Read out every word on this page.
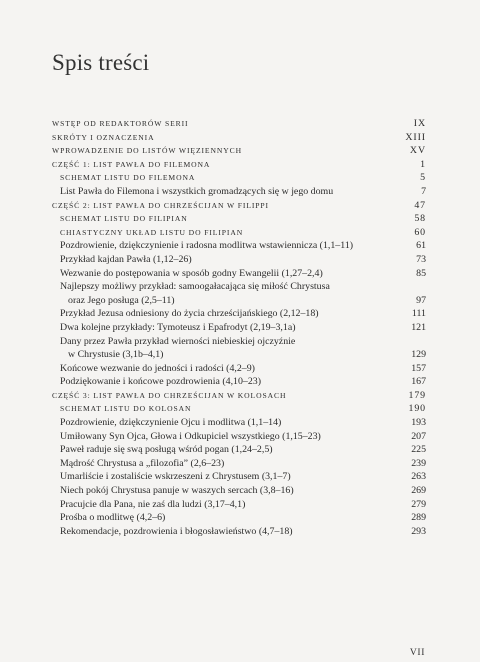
Spis treści
WSTĘP OD REDAKTORÓW SERII	IX
SKRÓTY I OZNACZENIA	XIII
WPROWADZENIE DO LISTÓW WIĘZIENNYCH	XV
CZĘŚĆ 1: LIST PAWŁA DO FILEMONA	1
SCHEMAT LISTU DO FILEMONA	5
List Pawła do Filemona i wszystkich gromadzących się w jego domu	7
CZĘŚĆ 2: LIST PAWŁA DO CHRZEŚCIJAN W FILIPPI	47
SCHEMAT LISTU DO FILIPIAN	58
CHIASTYCZNY UKŁAD LISTU DO FILIPIAN	60
Pozdrowienie, dziękczynienie i radosna modlitwa wstawiennicza (1,1–11)	61
Przykład kajdan Pawła (1,12–26)	73
Wezwanie do postępowania w sposób godny Ewangelii (1,27–2,4)	85
Najlepszy możliwy przykład: samoogałacająca się miłość Chrystusa
oraz Jego posługa (2,5–11)	97
Przykład Jezusa odniesiony do życia chrześcijańskiego (2,12–18)	111
Dwa kolejne przykłady: Tymoteusz i Epafrodyt (2,19–3,1a)	121
Dany przez Pawła przykład wierności niebieskiej ojczyźnie
w Chrystusie (3,1b–4,1)	129
Końcowe wezwanie do jedności i radości (4,2–9)	157
Podziękowanie i końcowe pozdrowienia (4,10–23)	167
CZĘŚĆ 3: LIST PAWŁA DO CHRZEŚCIJAN W KOLOSACH	179
SCHEMAT LISTU DO KOLOSAN	190
Pozdrowienie, dziękczynienie Ojcu i modlitwa (1,1–14)	193
Umiłowany Syn Ojca, Głowa i Odkupiciel wszystkiego (1,15–23)	207
Paweł raduje się swą posługą wśród pogan (1,24–2,5)	225
Mądrość Chrystusa a „filozofia” (2,6–23)	239
Umarliście i zostaliście wskrzeszeni z Chrystusem (3,1–7)	263
Niech pokój Chrystusa panuje w waszych sercach (3,8–16)	269
Pracujcie dla Pana, nie zaś dla ludzi (3,17–4,1)	279
Prośba o modlitwę (4,2–6)	289
Rekomendacje, pozdrowienia i błogosławieństwo (4,7–18)	293
VII
